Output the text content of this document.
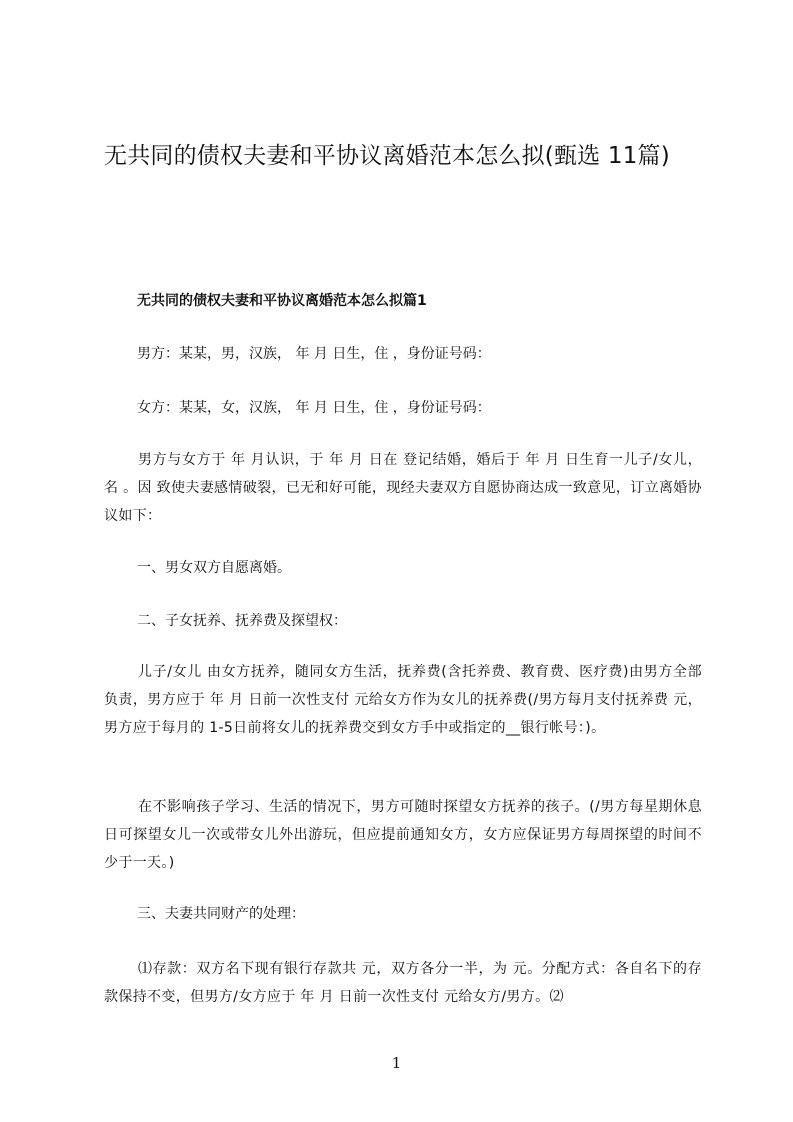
无共同的债权夫妻和平协议离婚范本怎么拟(甄选 11篇)
无共同的债权夫妻和平协议离婚范本怎么拟篇1
男方：某某，男，汉族， 年 月 日生，住 ，身份证号码：
女方：某某，女，汉族， 年 月 日生，住 ，身份证号码：
男方与女方于 年 月认识，于 年 月 日在 登记结婚，婚后于 年 月 日生育一儿子/女儿，名 。因 致使夫妻感情破裂，已无和好可能，现经夫妻双方自愿协商达成一致意见，订立离婚协议如下：
一、男女双方自愿离婚。
二、子女抚养、抚养费及探望权：
儿子/女儿 由女方抚养，随同女方生活，抚养费(含托养费、教育费、医疗费)由男方全部负责，男方应于 年 月 日前一次性支付 元给女方作为女儿的抚养费(/男方每月支付抚养费 元，男方应于每月的 1-5日前将女儿的抚养费交到女方手中或指定的__银行帐号：)。
在不影响孩子学习、生活的情况下，男方可随时探望女方抚养的孩子。(/男方每星期休息日可探望女儿一次或带女儿外出游玩，但应提前通知女方，女方应保证男方每周探望的时间不少于一天。)
三、夫妻共同财产的处理：
⑴存款：双方名下现有银行存款共 元，双方各分一半，为 元。分配方式：各自名下的存款保持不变，但男方/女方应于 年 月 日前一次性支付 元给女方/男方。⑵
1
